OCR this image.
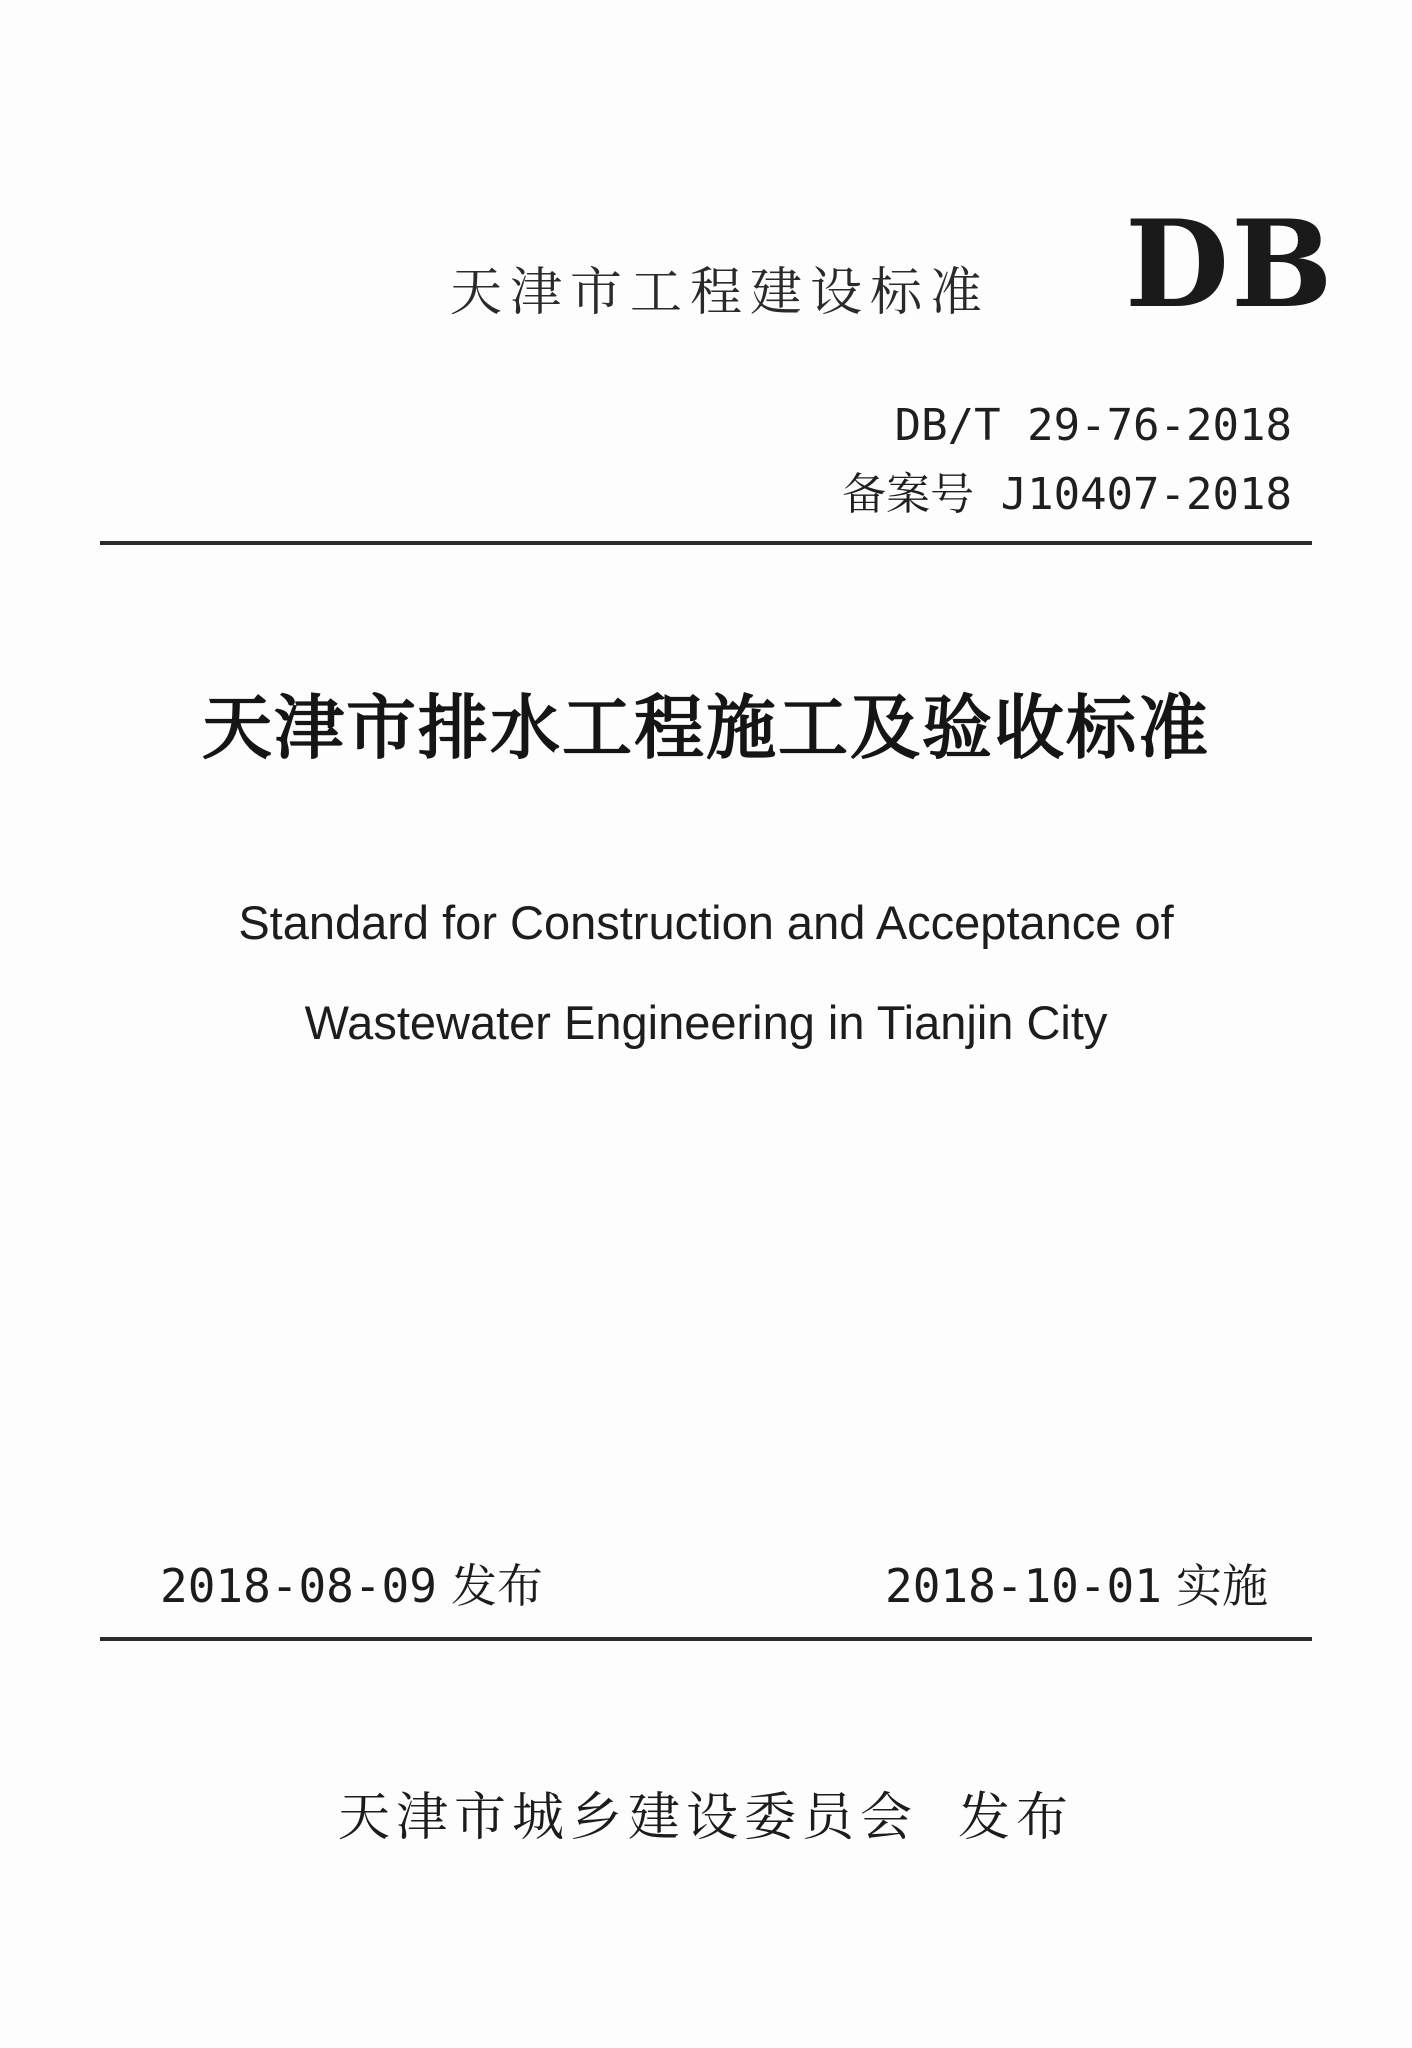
天津市工程建设标准 DB
DB/T 29-76-2018
备案号 J10407-2018
天津市排水工程施工及验收标准
Standard for Construction and Acceptance of
Wastewater Engineering in Tianjin City
2018-08-09 发布	2018-10-01 实施
天津市城乡建设委员会 发布
